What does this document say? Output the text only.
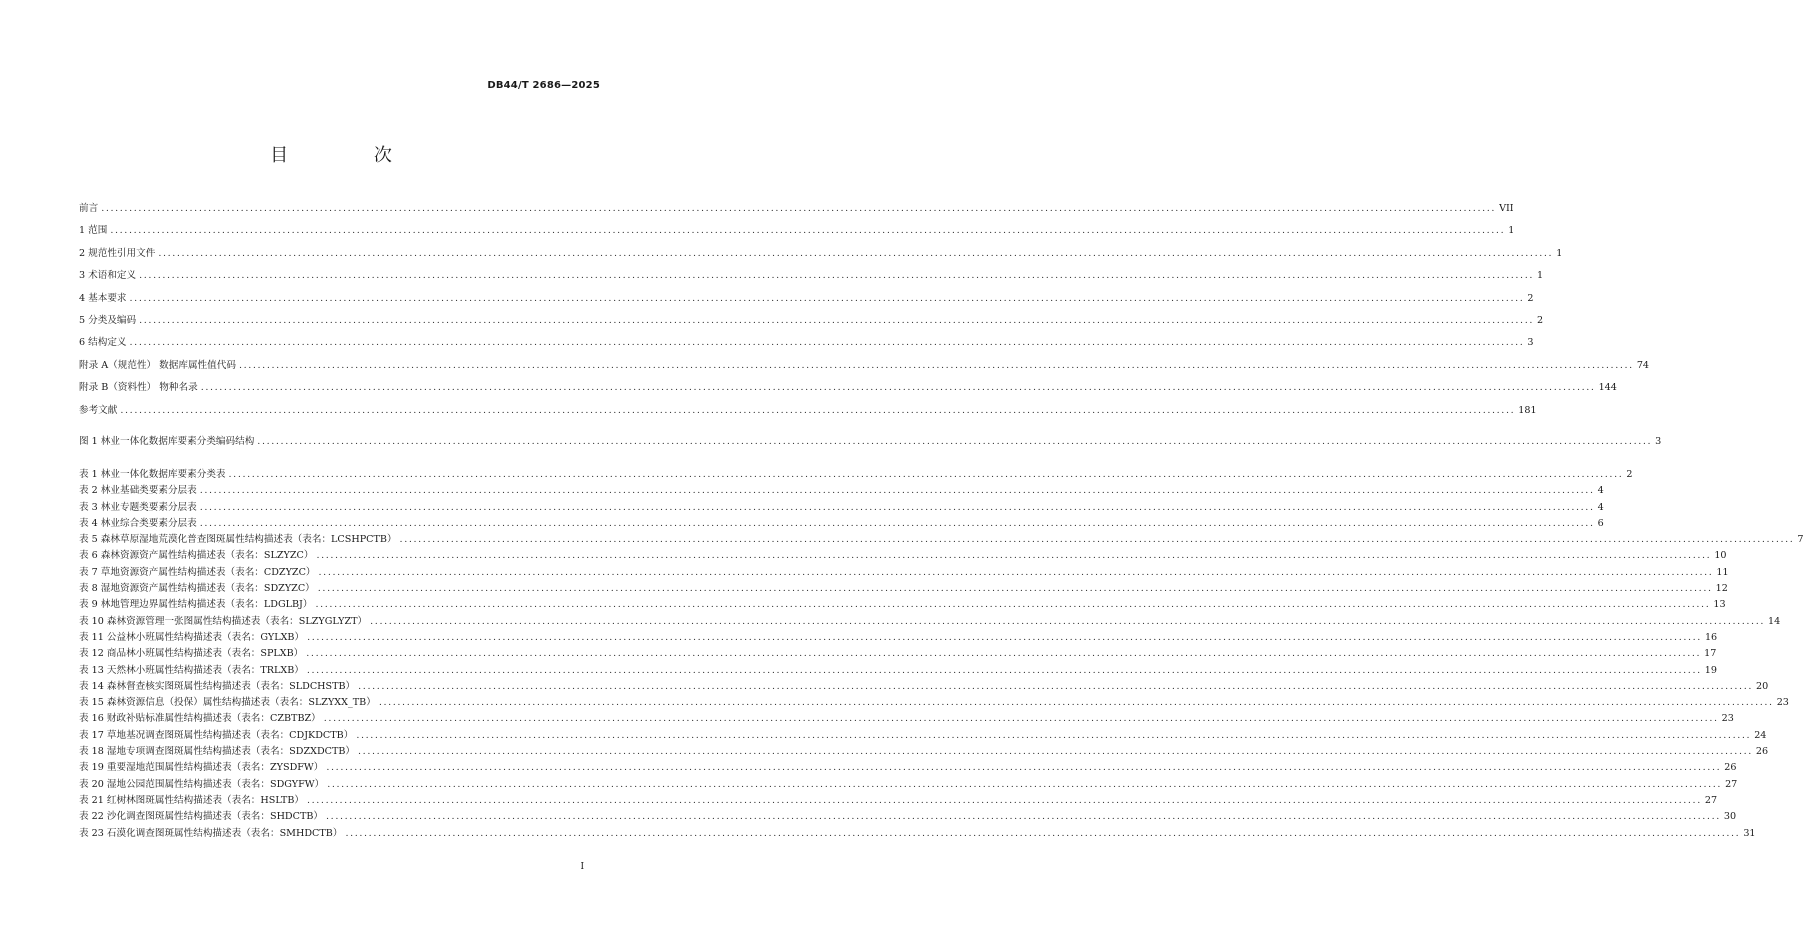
DB44/T 2686—2025
目 次
前言 ............................................................................................................................................................................................................................................................................................................ VII
1 范围 ............................................................................................................................................................................................................................................................................................................ 1
2 规范性引用文件 ............................................................................................................................................................................................................................................................................................................ 1
3 术语和定义 ............................................................................................................................................................................................................................................................................................................ 1
4 基本要求 ............................................................................................................................................................................................................................................................................................................ 2
5 分类及编码 ............................................................................................................................................................................................................................................................................................................ 2
6 结构定义 ............................................................................................................................................................................................................................................................................................................ 3
附录 A（规范性） 数据库属性值代码 ............................................................................................................................................................................................................................................................................................................ 74
附录 B（资料性） 物种名录 ............................................................................................................................................................................................................................................................................................................ 144
参考文献 ............................................................................................................................................................................................................................................................................................................ 181
图 1 林业一体化数据库要素分类编码结构 ............................................................................................................................................................................................................................................................................................................ 3
表 1 林业一体化数据库要素分类表 ............................................................................................................................................................................................................................................................................................................ 2
表 2 林业基础类要素分层表 ............................................................................................................................................................................................................................................................................................................ 4
表 3 林业专题类要素分层表 ............................................................................................................................................................................................................................................................................................................ 4
表 4 林业综合类要素分层表 ............................................................................................................................................................................................................................................................................................................ 6
表 5 森林草原湿地荒漠化普查图斑属性结构描述表（表名：LCSHPCTB） ............................................................................................................................................................................................................................................................................................................ 7
表 6 森林资源资产属性结构描述表（表名：SLZYZC） ............................................................................................................................................................................................................................................................................................................ 10
表 7 草地资源资产属性结构描述表（表名：CDZYZC） ............................................................................................................................................................................................................................................................................................................ 11
表 8 湿地资源资产属性结构描述表（表名：SDZYZC） ............................................................................................................................................................................................................................................................................................................ 12
表 9 林地管理边界属性结构描述表（表名：LDGLBJ） ............................................................................................................................................................................................................................................................................................................ 13
表 10 森林资源管理一张图属性结构描述表（表名：SLZYGLYZT） ............................................................................................................................................................................................................................................................................................................ 14
表 11 公益林小班属性结构描述表（表名：GYLXB） ............................................................................................................................................................................................................................................................................................................ 16
表 12 商品林小班属性结构描述表（表名：SPLXB） ............................................................................................................................................................................................................................................................................................................ 17
表 13 天然林小班属性结构描述表（表名：TRLXB） ............................................................................................................................................................................................................................................................................................................ 19
表 14 森林督查核实图斑属性结构描述表（表名：SLDCHSTB） ............................................................................................................................................................................................................................................................................................................ 20
表 15 森林资源信息（投保）属性结构描述表（表名：SLZYXX_TB） ............................................................................................................................................................................................................................................................................................................ 23
表 16 财政补贴标准属性结构描述表（表名：CZBTBZ） ............................................................................................................................................................................................................................................................................................................ 23
表 17 草地基况调查图斑属性结构描述表（表名：CDJKDCTB） ............................................................................................................................................................................................................................................................................................................ 24
表 18 湿地专项调查图斑属性结构描述表（表名：SDZXDCTB） ............................................................................................................................................................................................................................................................................................................ 26
表 19 重要湿地范围属性结构描述表（表名：ZYSDFW） ............................................................................................................................................................................................................................................................................................................ 26
表 20 湿地公园范围属性结构描述表（表名：SDGYFW） ............................................................................................................................................................................................................................................................................................................ 27
表 21 红树林图斑属性结构描述表（表名：HSLTB） ............................................................................................................................................................................................................................................................................................................ 27
表 22 沙化调查图斑属性结构描述表（表名：SHDCTB） ............................................................................................................................................................................................................................................................................................................ 30
表 23 石漠化调查图斑属性结构描述表（表名：SMHDCTB） ............................................................................................................................................................................................................................................................................................................ 31
I
